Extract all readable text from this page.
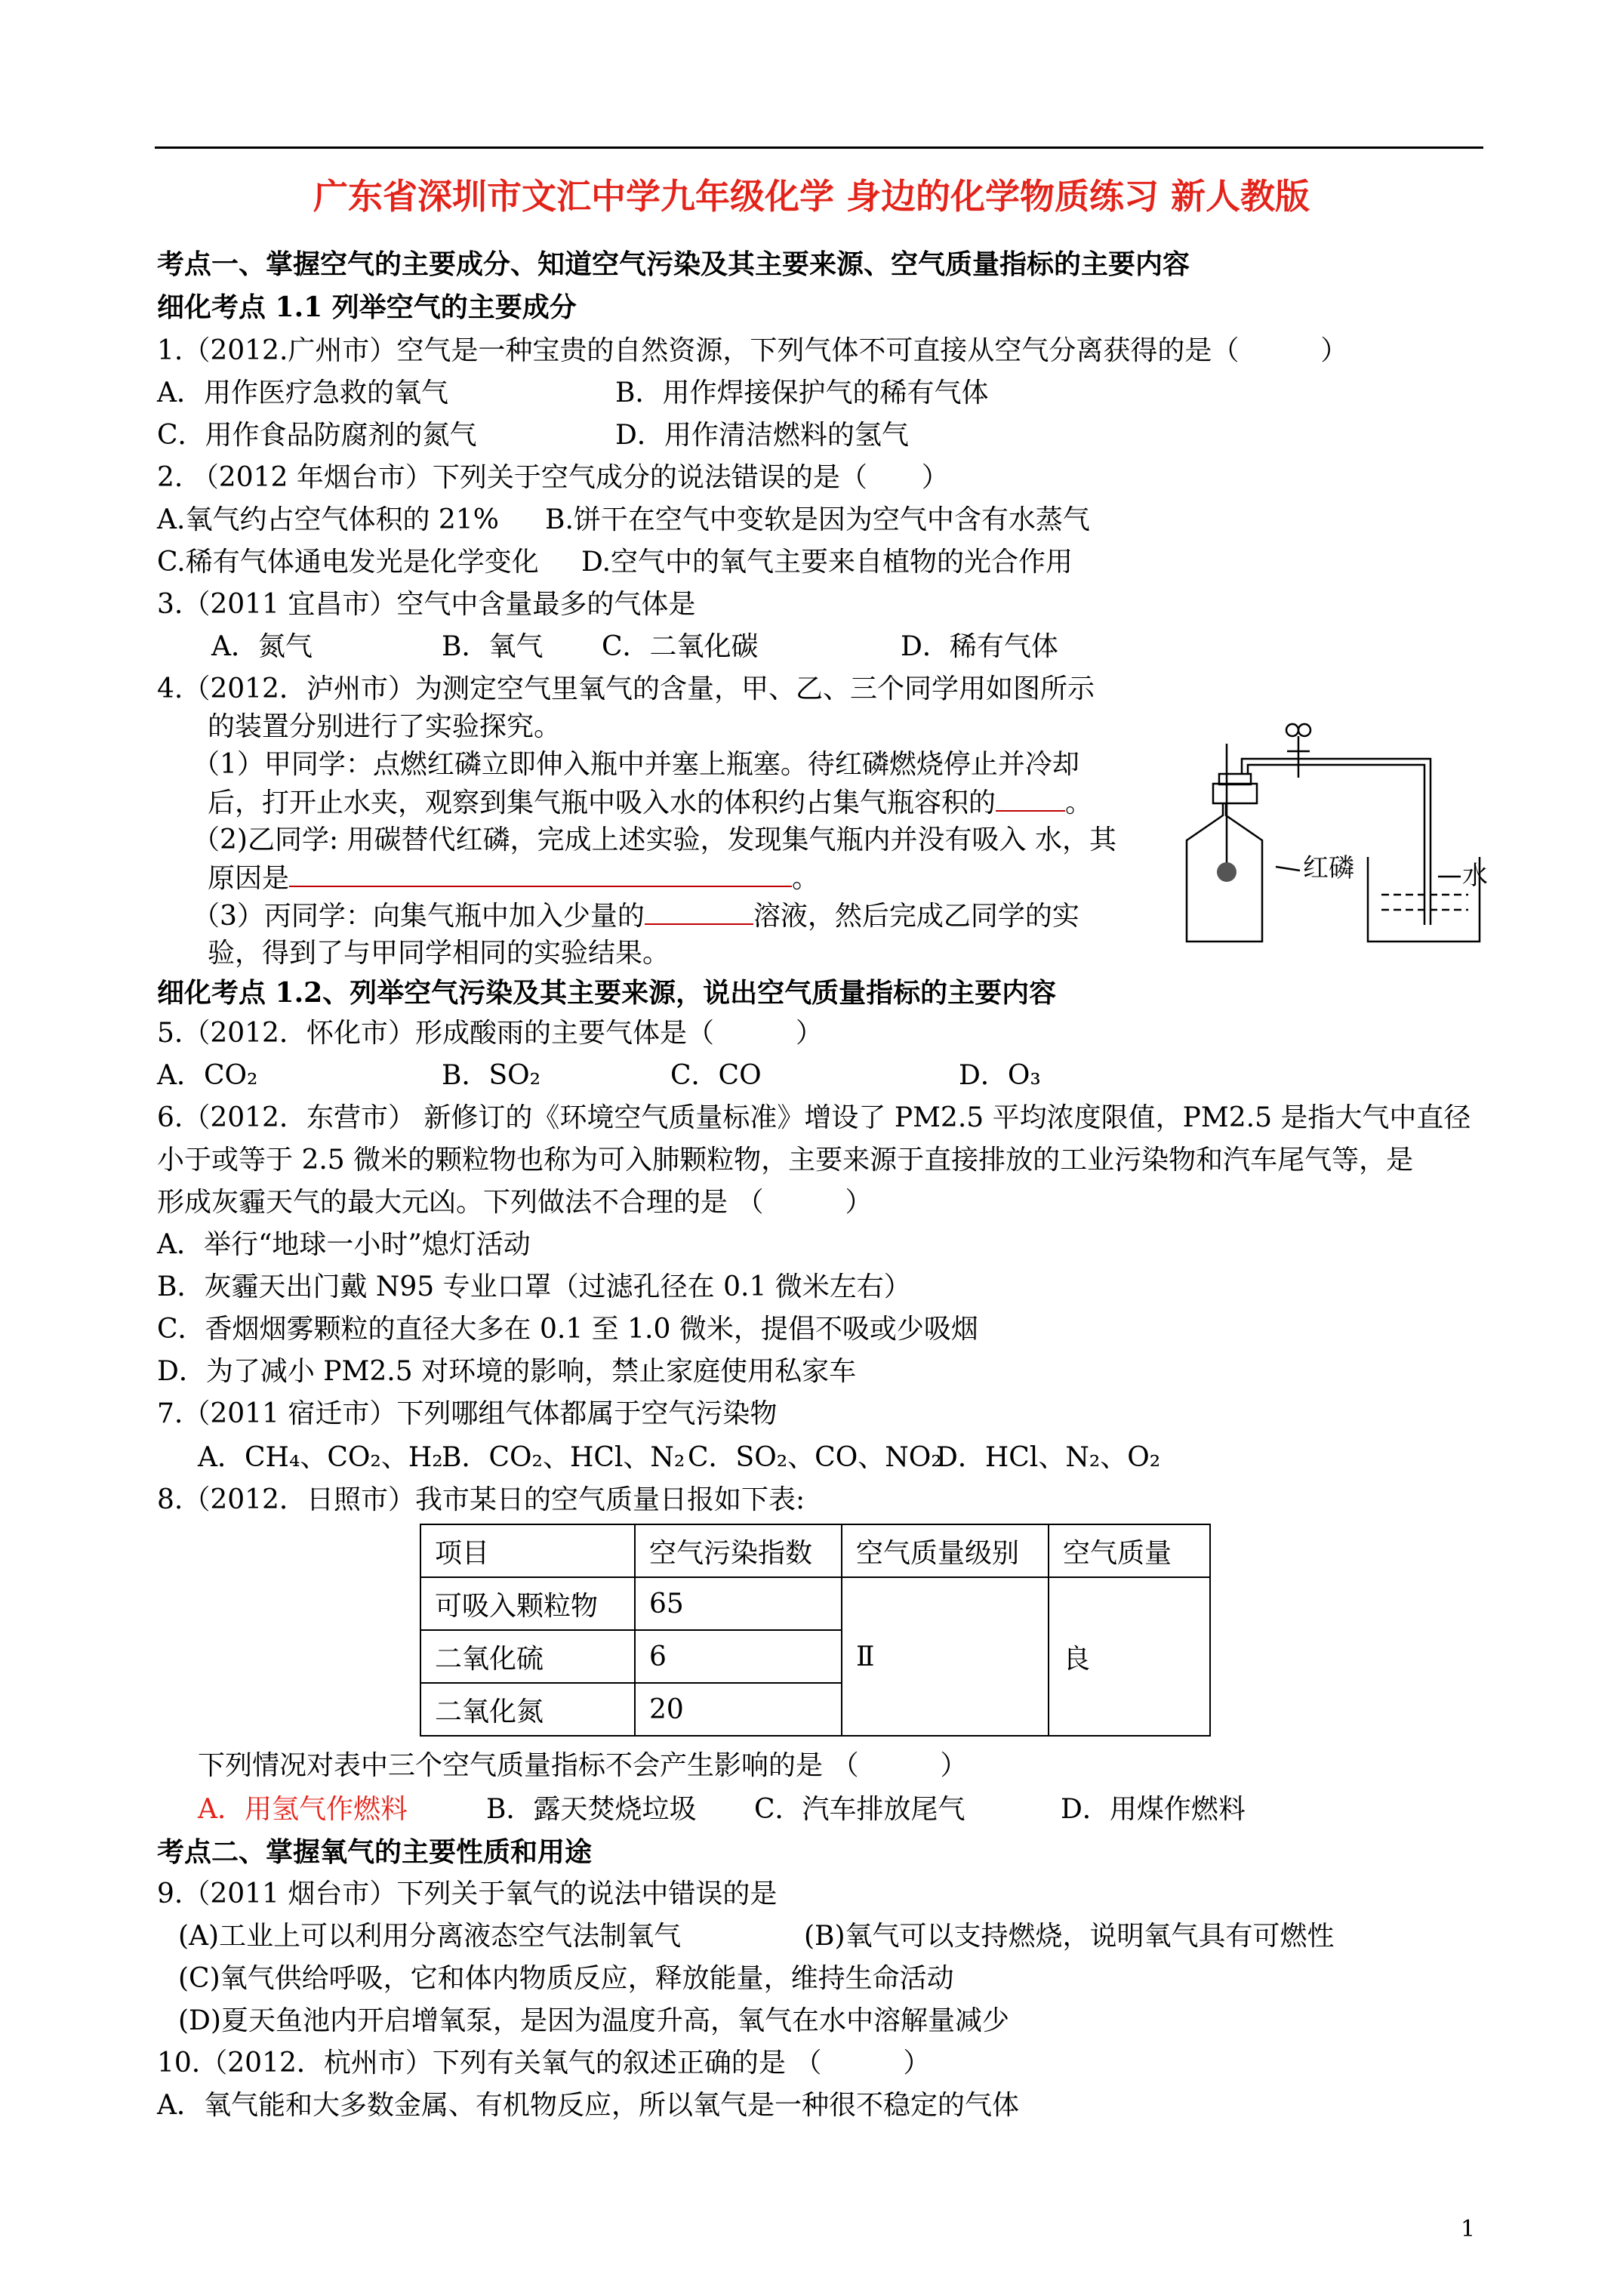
广东省深圳市文汇中学九年级化学 身边的化学物质练习 新人教版
考点一、掌握空气的主要成分、知道空气污染及其主要来源、空气质量指标的主要内容
细化考点 1.1 列举空气的主要成分
1.（2012.广州市）空气是一种宝贵的自然资源，下列气体不可直接从空气分离获得的是（　　　）
A．用作医疗急救的氧气	B．用作焊接保护气的稀有气体
C．用作食品防腐剂的氮气	D．用作清洁燃料的氢气
2. （2012 年烟台市）下列关于空气成分的说法错误的是（　　）
A.氧气约占空气体积的 21% B.饼干在空气中变软是因为空气中含有水蒸气
C.稀有气体通电发光是化学变化 D.空气中的氧气主要来自植物的光合作用
3.（2011 宜昌市）空气中含量最多的气体是
A．氮气	B．氧气 C．二氧化碳	D．稀有气体
4.（2012．泸州市）为测定空气里氧气的含量，甲、乙、三个同学用如图所示
的装置分别进行了实验探究。
（1）甲同学：点燃红磷立即伸入瓶中并塞上瓶塞。待红磷燃烧停止并冷却
后，打开止水夹，观察到集气瓶中吸入水的体积约占集气瓶容积的	。
（2)乙同学: 用碳替代红磷，完成上述实验，发现集气瓶内并没有吸入 水，其
原因是	。
（3）丙同学：向集气瓶中加入少量的	溶液，然后完成乙同学的实
验，得到了与甲同学相同的实验结果。
红磷	水
细化考点 1.2、列举空气污染及其主要来源，说出空气质量指标的主要内容
5.（2012．怀化市）形成酸雨的主要气体是（　　　）
A．CO₂	B．SO₂	C．CO	D．O₃
6.（2012．东营市） 新修订的《环境空气质量标准》增设了 PM2.5 平均浓度限值，PM2.5 是指大气中直径
小于或等于 2.5 微米的颗粒物也称为可入肺颗粒物，主要来源于直接排放的工业污染物和汽车尾气等，是
形成灰霾天气的最大元凶。下列做法不合理的是 （　　　）
A．举行“地球一小时”熄灯活动
B．灰霾天出门戴 N95 专业口罩（过滤孔径在 0.1 微米左右）
C．香烟烟雾颗粒的直径大多在 0.1 至 1.0 微米，提倡不吸或少吸烟
D．为了减小 PM2.5 对环境的影响，禁止家庭使用私家车
7.（2011 宿迁市）下列哪组气体都属于空气污染物
A．CH₄、CO₂、H₂
B．CO₂、HCl、N₂ C．SO₂、CO、NO₂
D．HCl、N₂、O₂
8.（2012．日照市）我市某日的空气质量日报如下表:
项目	空气污染指数	空气质量级别	空气质量
可吸入颗粒物	65	Ⅱ	良
二氧化硫	6		
二氧化氮	20		
下列情况对表中三个空气质量指标不会产生影响的是 （　　　）
A．用氢气作燃料	B．露天焚烧垃圾 C．汽车排放尾气	D．用煤作燃料
考点二、掌握氧气的主要性质和用途
9.（2011 烟台市）下列关于氧气的说法中错误的是
(A)工业上可以利用分离液态空气法制氧气	(B)氧气可以支持燃烧，说明氧气具有可燃性
(C)氧气供给呼吸，它和体内物质反应，释放能量，维持生命活动
(D)夏天鱼池内开启增氧泵，是因为温度升高，氧气在水中溶解量减少
10.（2012．杭州市）下列有关氧气的叙述正确的是 （　　　）
A．氧气能和大多数金属、有机物反应，所以氧气是一种很不稳定的气体
1
